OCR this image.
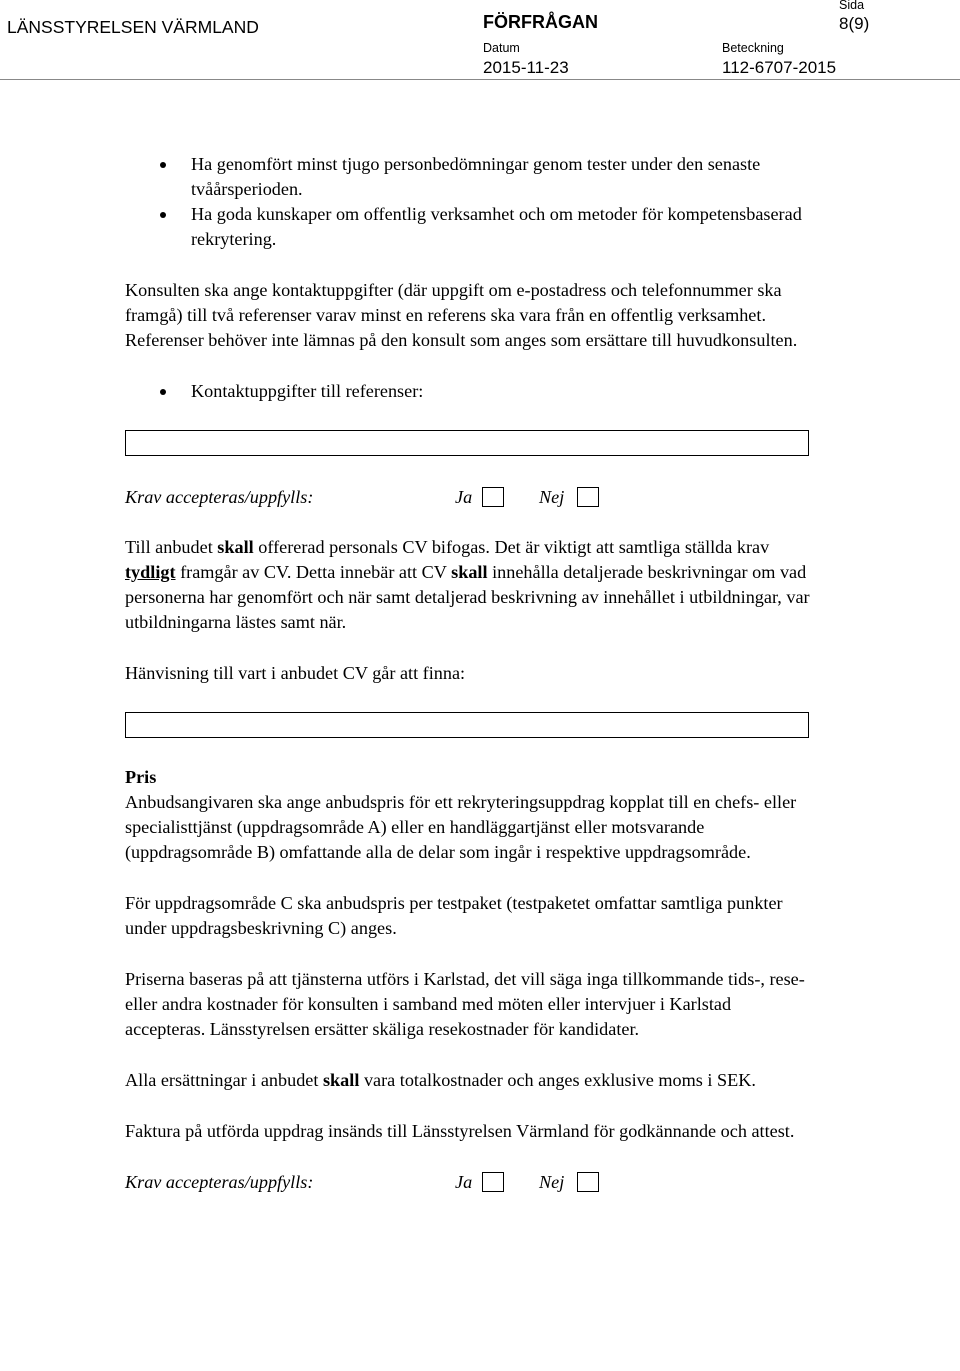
LÄNSSTYRELSEN VÄRMLAND	FÖRFRÅGAN
Sida
8(9)
Datum
2015-11-23
Beteckning
112-6707-2015
Ha genomfört minst tjugo personbedömningar genom tester under den senaste tvåårsperioden.
Ha goda kunskaper om offentlig verksamhet och om metoder för kompetensbaserad rekrytering.

Konsulten ska ange kontaktuppgifter (där uppgift om e-postadress och telefonnummer ska framgå) till två referenser varav minst en referens ska vara från en offentlig verksamhet. Referenser behöver inte lämnas på den konsult som anges som ersättare till huvudkonsulten.

Kontaktuppgifter till referenser:
Krav accepteras/uppfylls:	Ja	Nej

Till anbudet skall offererad personals CV bifogas. Det är viktigt att samtliga ställda krav tydligt framgår av CV. Detta innebär att CV skall innehålla detaljerade beskrivningar om vad personerna har genomfört och när samt detaljerad beskrivning av innehållet i utbildningar, var utbildningarna lästes samt när.

Hänvisning till vart i anbudet CV går att finna:

Pris

Anbudsangivaren ska ange anbudspris för ett rekryteringsuppdrag kopplat till en chefs- eller specialisttjänst (uppdragsområde A) eller en handläggartjänst eller motsvarande (uppdragsområde B) omfattande alla de delar som ingår i respektive uppdragsområde.

För uppdragsområde C ska anbudspris per testpaket (testpaketet omfattar samtliga punkter under uppdragsbeskrivning C) anges.

Priserna baseras på att tjänsterna utförs i Karlstad, det vill säga inga tillkommande tids-, rese- eller andra kostnader för konsulten i samband med möten eller intervjuer i Karlstad accepteras. Länsstyrelsen ersätter skäliga resekostnader för kandidater.

Alla ersättningar i anbudet skall vara totalkostnader och anges exklusive moms i SEK.

Faktura på utförda uppdrag insänds till Länsstyrelsen Värmland för godkännande och attest.

Krav accepteras/uppfylls:	Ja	Nej
